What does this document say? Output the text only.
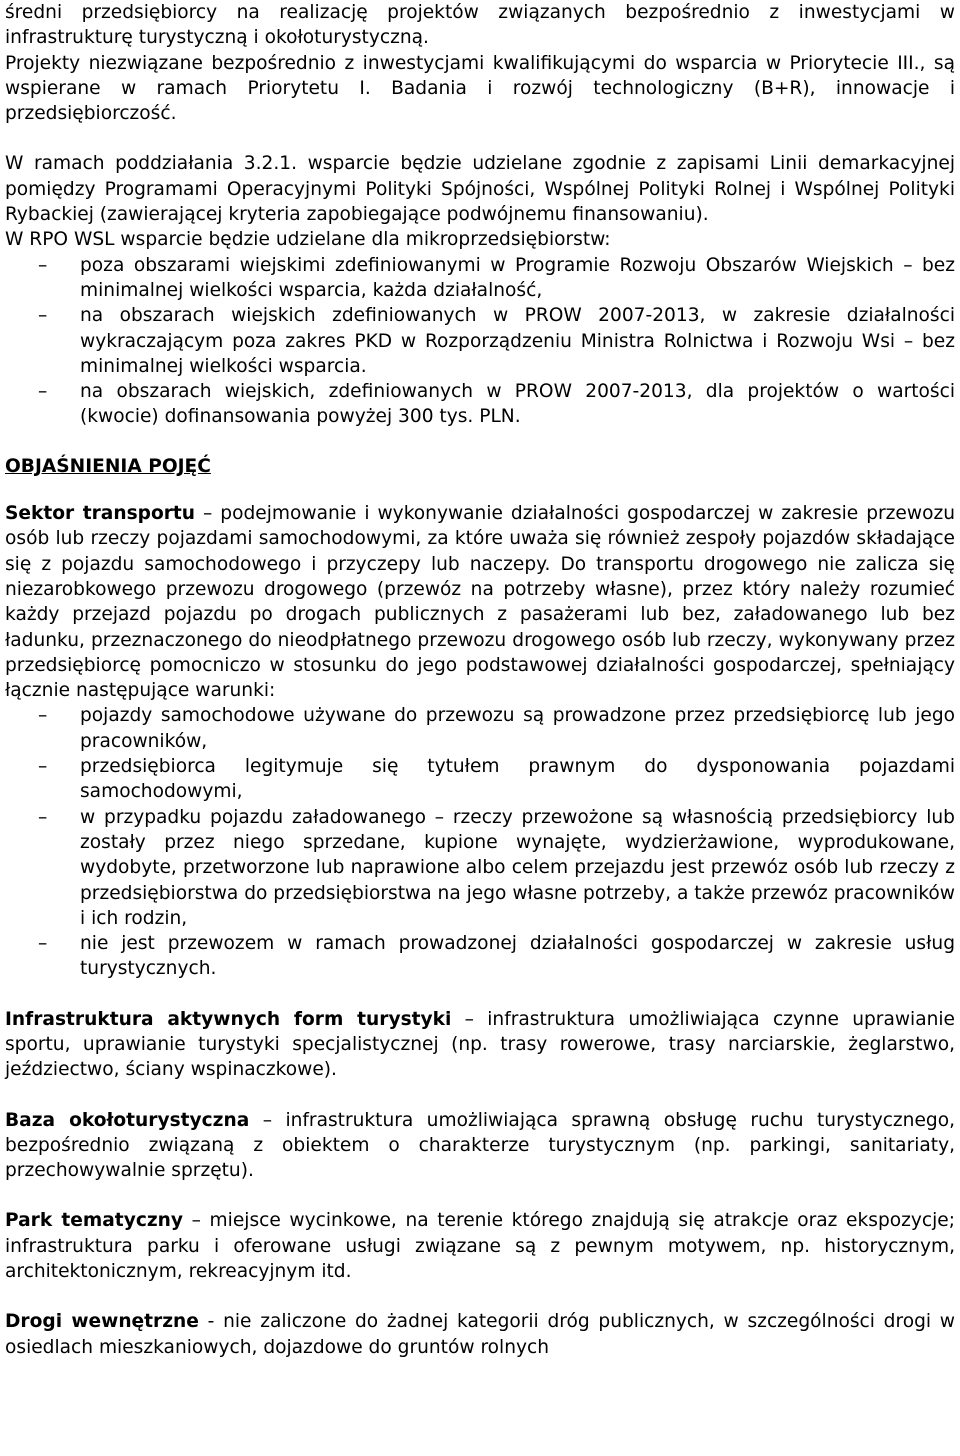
średni przedsiębiorcy na realizację projektów związanych bezpośrednio z inwestycjami w infrastrukturę turystyczną i okołoturystyczną.

Projekty niezwiązane bezpośrednio z inwestycjami kwalifikującymi do wsparcia w Priorytecie III., są wspierane w ramach Priorytetu I. Badania i rozwój technologiczny (B+R), innowacje i przedsiębiorczość.

W ramach poddziałania 3.2.1. wsparcie będzie udzielane zgodnie z zapisami Linii demarkacyjnej pomiędzy Programami Operacyjnymi Polityki Spójności, Wspólnej Polityki Rolnej i Wspólnej Polityki Rybackiej (zawierającej kryteria zapobiegające podwójnemu finansowaniu).

W RPO WSL wsparcie będzie udzielane dla mikroprzedsiębiorstw:

– poza obszarami wiejskimi zdefiniowanymi w Programie Rozwoju Obszarów Wiejskich – bez minimalnej wielkości wsparcia, każda działalność,
– na obszarach wiejskich zdefiniowanych w PROW 2007-2013, w zakresie działalności wykraczającym poza zakres PKD w Rozporządzeniu Ministra Rolnictwa i Rozwoju Wsi – bez minimalnej wielkości wsparcia.
– na obszarach wiejskich, zdefiniowanych w PROW 2007-2013, dla projektów o wartości (kwocie) dofinansowania powyżej 300 tys. PLN.

OBJAŚNIENIA POJĘĆ

Sektor transportu – podejmowanie i wykonywanie działalności gospodarczej w zakresie przewozu osób lub rzeczy pojazdami samochodowymi, za które uważa się również zespoły pojazdów składające się z pojazdu samochodowego i przyczepy lub naczepy. Do transportu drogowego nie zalicza się niezarobkowego przewozu drogowego (przewóz na potrzeby własne), przez który należy rozumieć każdy przejazd pojazdu po drogach publicznych z pasażerami lub bez, załadowanego lub bez ładunku, przeznaczonego do nieodpłatnego przewozu drogowego osób lub rzeczy, wykonywany przez przedsiębiorcę pomocniczo w stosunku do jego podstawowej działalności gospodarczej, spełniający łącznie następujące warunki:

– pojazdy samochodowe używane do przewozu są prowadzone przez przedsiębiorcę lub jego pracowników,
– przedsiębiorca legitymuje się tytułem prawnym do dysponowania pojazdami samochodowymi,
– w przypadku pojazdu załadowanego – rzeczy przewożone są własnością przedsiębiorcy lub zostały przez niego sprzedane, kupione wynajęte, wydzierżawione, wyprodukowane, wydobyte, przetworzone lub naprawione albo celem przejazdu jest przewóz osób lub rzeczy z przedsiębiorstwa do przedsiębiorstwa na jego własne potrzeby, a także przewóz pracowników i ich rodzin,
– nie jest przewozem w ramach prowadzonej działalności gospodarczej w zakresie usług turystycznych.

Infrastruktura aktywnych form turystyki – infrastruktura umożliwiająca czynne uprawianie sportu, uprawianie turystyki specjalistycznej (np. trasy rowerowe, trasy narciarskie, żeglarstwo, jeździectwo, ściany wspinaczkowe).

Baza okołoturystyczna – infrastruktura umożliwiająca sprawną obsługę ruchu turystycznego, bezpośrednio związaną z obiektem o charakterze turystycznym (np. parkingi, sanitariaty, przechowywalnie sprzętu).

Park tematyczny – miejsce wycinkowe, na terenie którego znajdują się atrakcje oraz ekspozycje; infrastruktura parku i oferowane usługi związane są z pewnym motywem, np. historycznym, architektonicznym, rekreacyjnym itd.

Drogi wewnętrzne - nie zaliczone do żadnej kategorii dróg publicznych, w szczególności drogi w osiedlach mieszkaniowych, dojazdowe do gruntów rolnych
